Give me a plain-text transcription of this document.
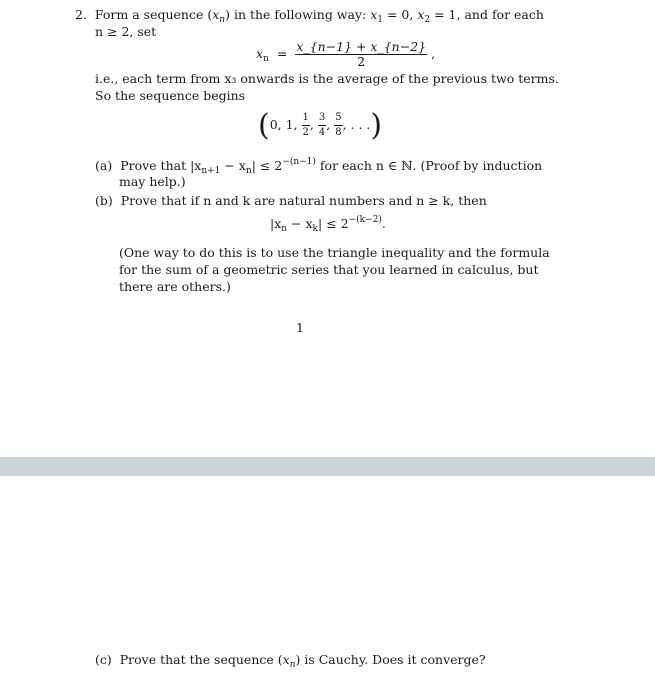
2. Form a sequence $(x_n)$ in the following way: $x_1 = 0$, $x_2 = 1$, and for each
n ≥ 2, set
$x_n = \frac{x\_\{n-1\} + x\_\{n-2\}}{2}$ ,
i.e., each term from x₃ onwards is the average of the previous two terms.
So the sequence begins
(0, 1, $\frac{1}{2}$ , $\frac{3}{4}$ , $\frac{5}{8}$ , . . .)
(a) Prove that $|x_{n+1} - x_n| \le 2^{-(n-1)}$ for each n ∈ ℕ. (Proof by induction
may help.)
(b) Prove that if n and k are natural numbers and n ≥ k, then
$|x_n - x_k| \le 2^{-(k-2)}$.
(One way to do this is to use the triangle inequality and the formula
for the sum of a geometric series that you learned in calculus, but
there are others.)
1
(c) Prove that the sequence $(x_n)$ is Cauchy. Does it converge?
